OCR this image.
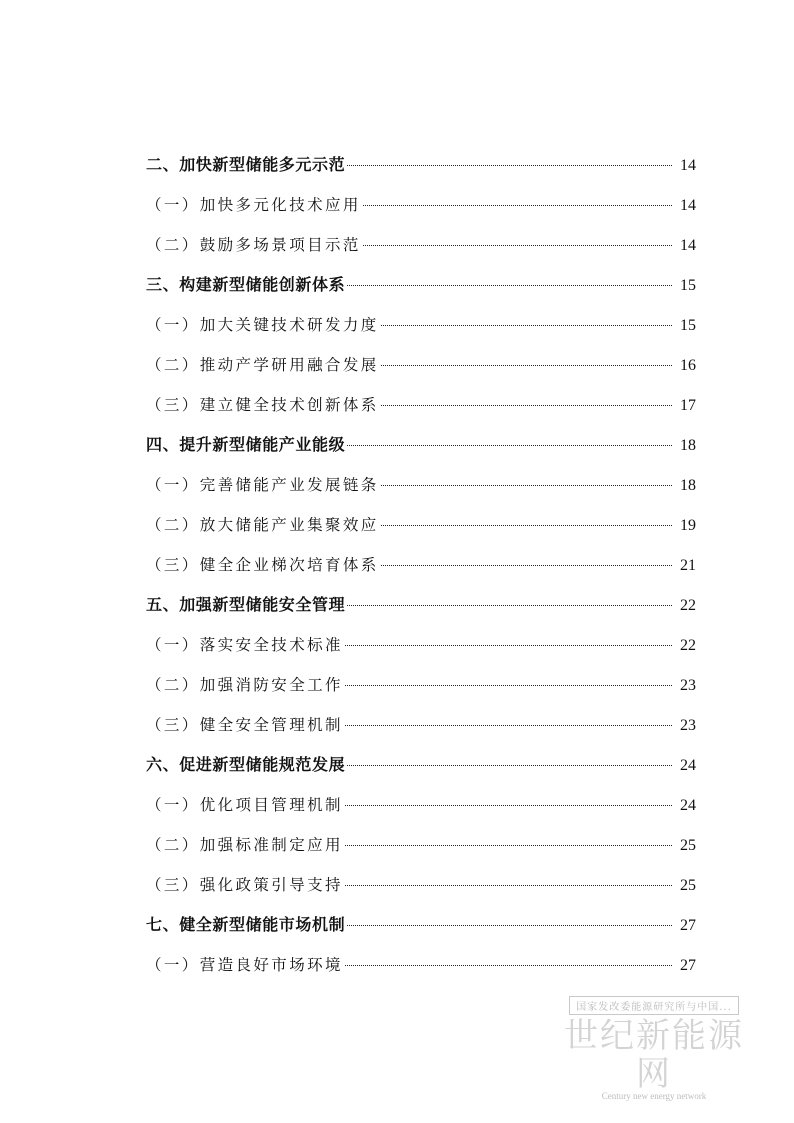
二、加快新型储能多元示范	14
（一）加快多元化技术应用	14
（二）鼓励多场景项目示范	14
三、构建新型储能创新体系	15
（一）加大关键技术研发力度	15
（二）推动产学研用融合发展	16
（三）建立健全技术创新体系	17
四、提升新型储能产业能级	18
（一）完善储能产业发展链条	18
（二）放大储能产业集聚效应	19
（三）健全企业梯次培育体系	21
五、加强新型储能安全管理	22
（一）落实安全技术标准	22
（二）加强消防安全工作	23
（三）健全安全管理机制	23
六、促进新型储能规范发展	24
（一）优化项目管理机制	24
（二）加强标准制定应用	25
（三）强化政策引导支持	25
七、健全新型储能市场机制	27
（一）营造良好市场环境	27
国家发改委能源研究所与中国...
世纪新能源网
Century new energy network
